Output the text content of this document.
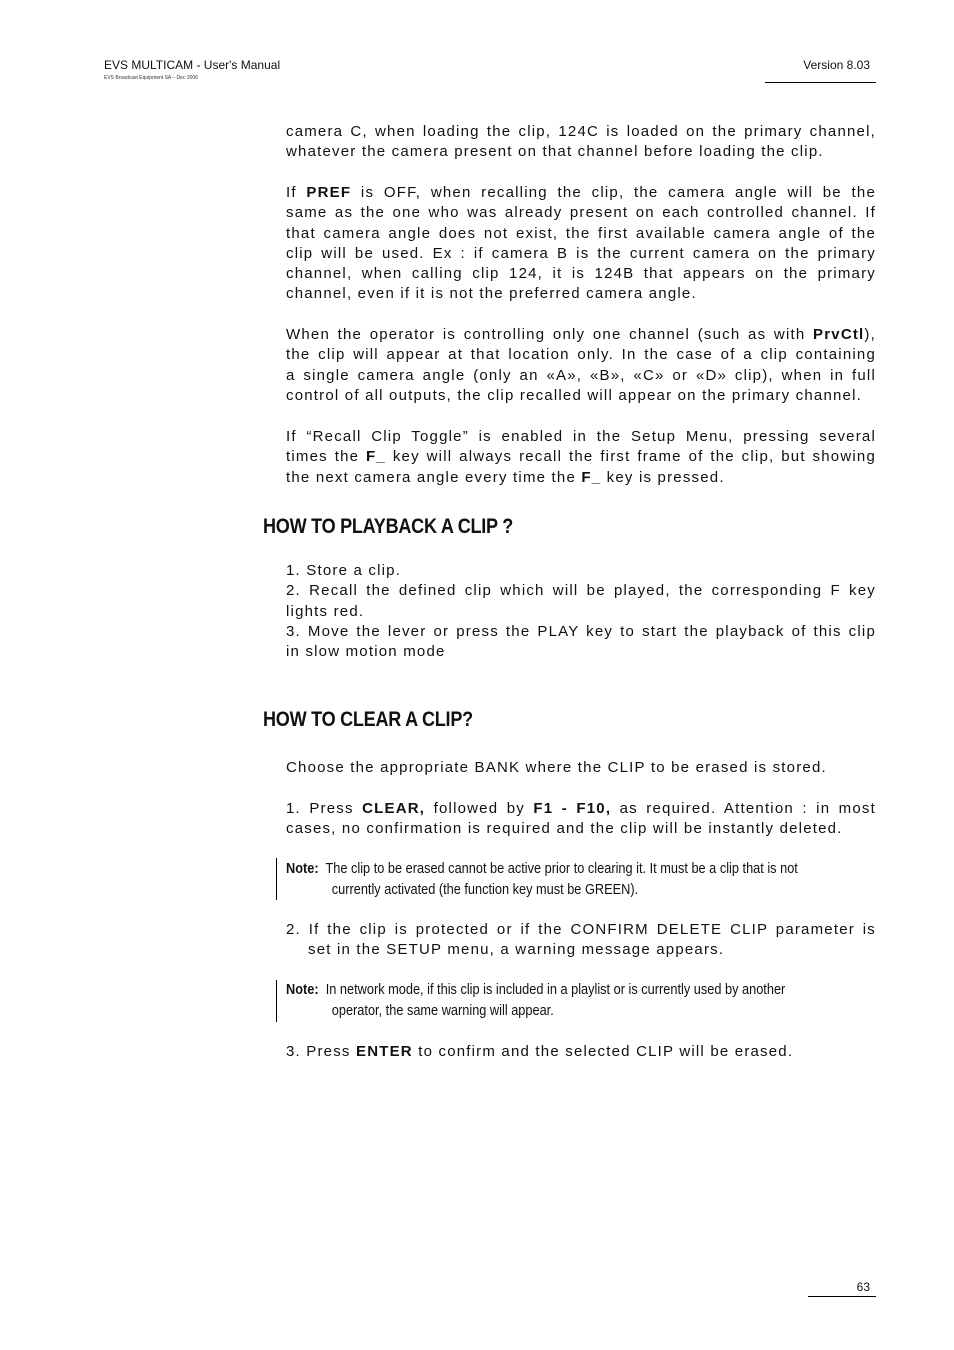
EVS MULTICAM - User's Manual
EVS Broadcast Equipment SA – Dec 2006
Version 8.03
camera C, when loading the clip, 124C is loaded on the primary channel,
whatever the camera present on that channel before loading the clip.
If PREF is OFF, when recalling the clip, the camera angle will be the
same as the one who was already present on each controlled channel. If
that camera angle does not exist, the first available camera angle of the
clip will be used. Ex : if camera B is the current camera on the primary
channel, when calling clip 124, it is 124B that appears on the primary
channel, even if it is not the preferred camera angle.
When the operator is controlling only one channel (such as with PrvCtl),
the clip will appear at that location only. In the case of a clip containing
a single camera angle (only an «A», «B», «C» or «D» clip), when in full
control of all outputs, the clip recalled will appear on the primary channel.
If “Recall Clip Toggle” is enabled in the Setup Menu, pressing several
times the F_ key will always recall the first frame of the clip, but showing
the next camera angle every time the F_ key is pressed.
HOW TO PLAYBACK A CLIP ?
1. Store a clip.
2. Recall the defined clip which will be played, the corresponding F key
lights red.
3. Move the lever or press the PLAY key to start the playback of this clip
in slow motion mode
HOW TO CLEAR A CLIP?
Choose the appropriate BANK where the CLIP to be erased is stored.
1. Press CLEAR, followed by F1 - F10, as required. Attention : in most
cases, no confirmation is required and the clip will be instantly deleted.
Note: The clip to be erased cannot be active prior to clearing it. It must be a clip that is not
currently activated (the function key must be GREEN).
2. If the clip is protected or if the CONFIRM DELETE CLIP parameter is
set in the SETUP menu, a warning message appears.
Note: In network mode, if this clip is included in a playlist or is currently used by another
operator, the same warning will appear.
3. Press ENTER to confirm and the selected CLIP will be erased.
63
